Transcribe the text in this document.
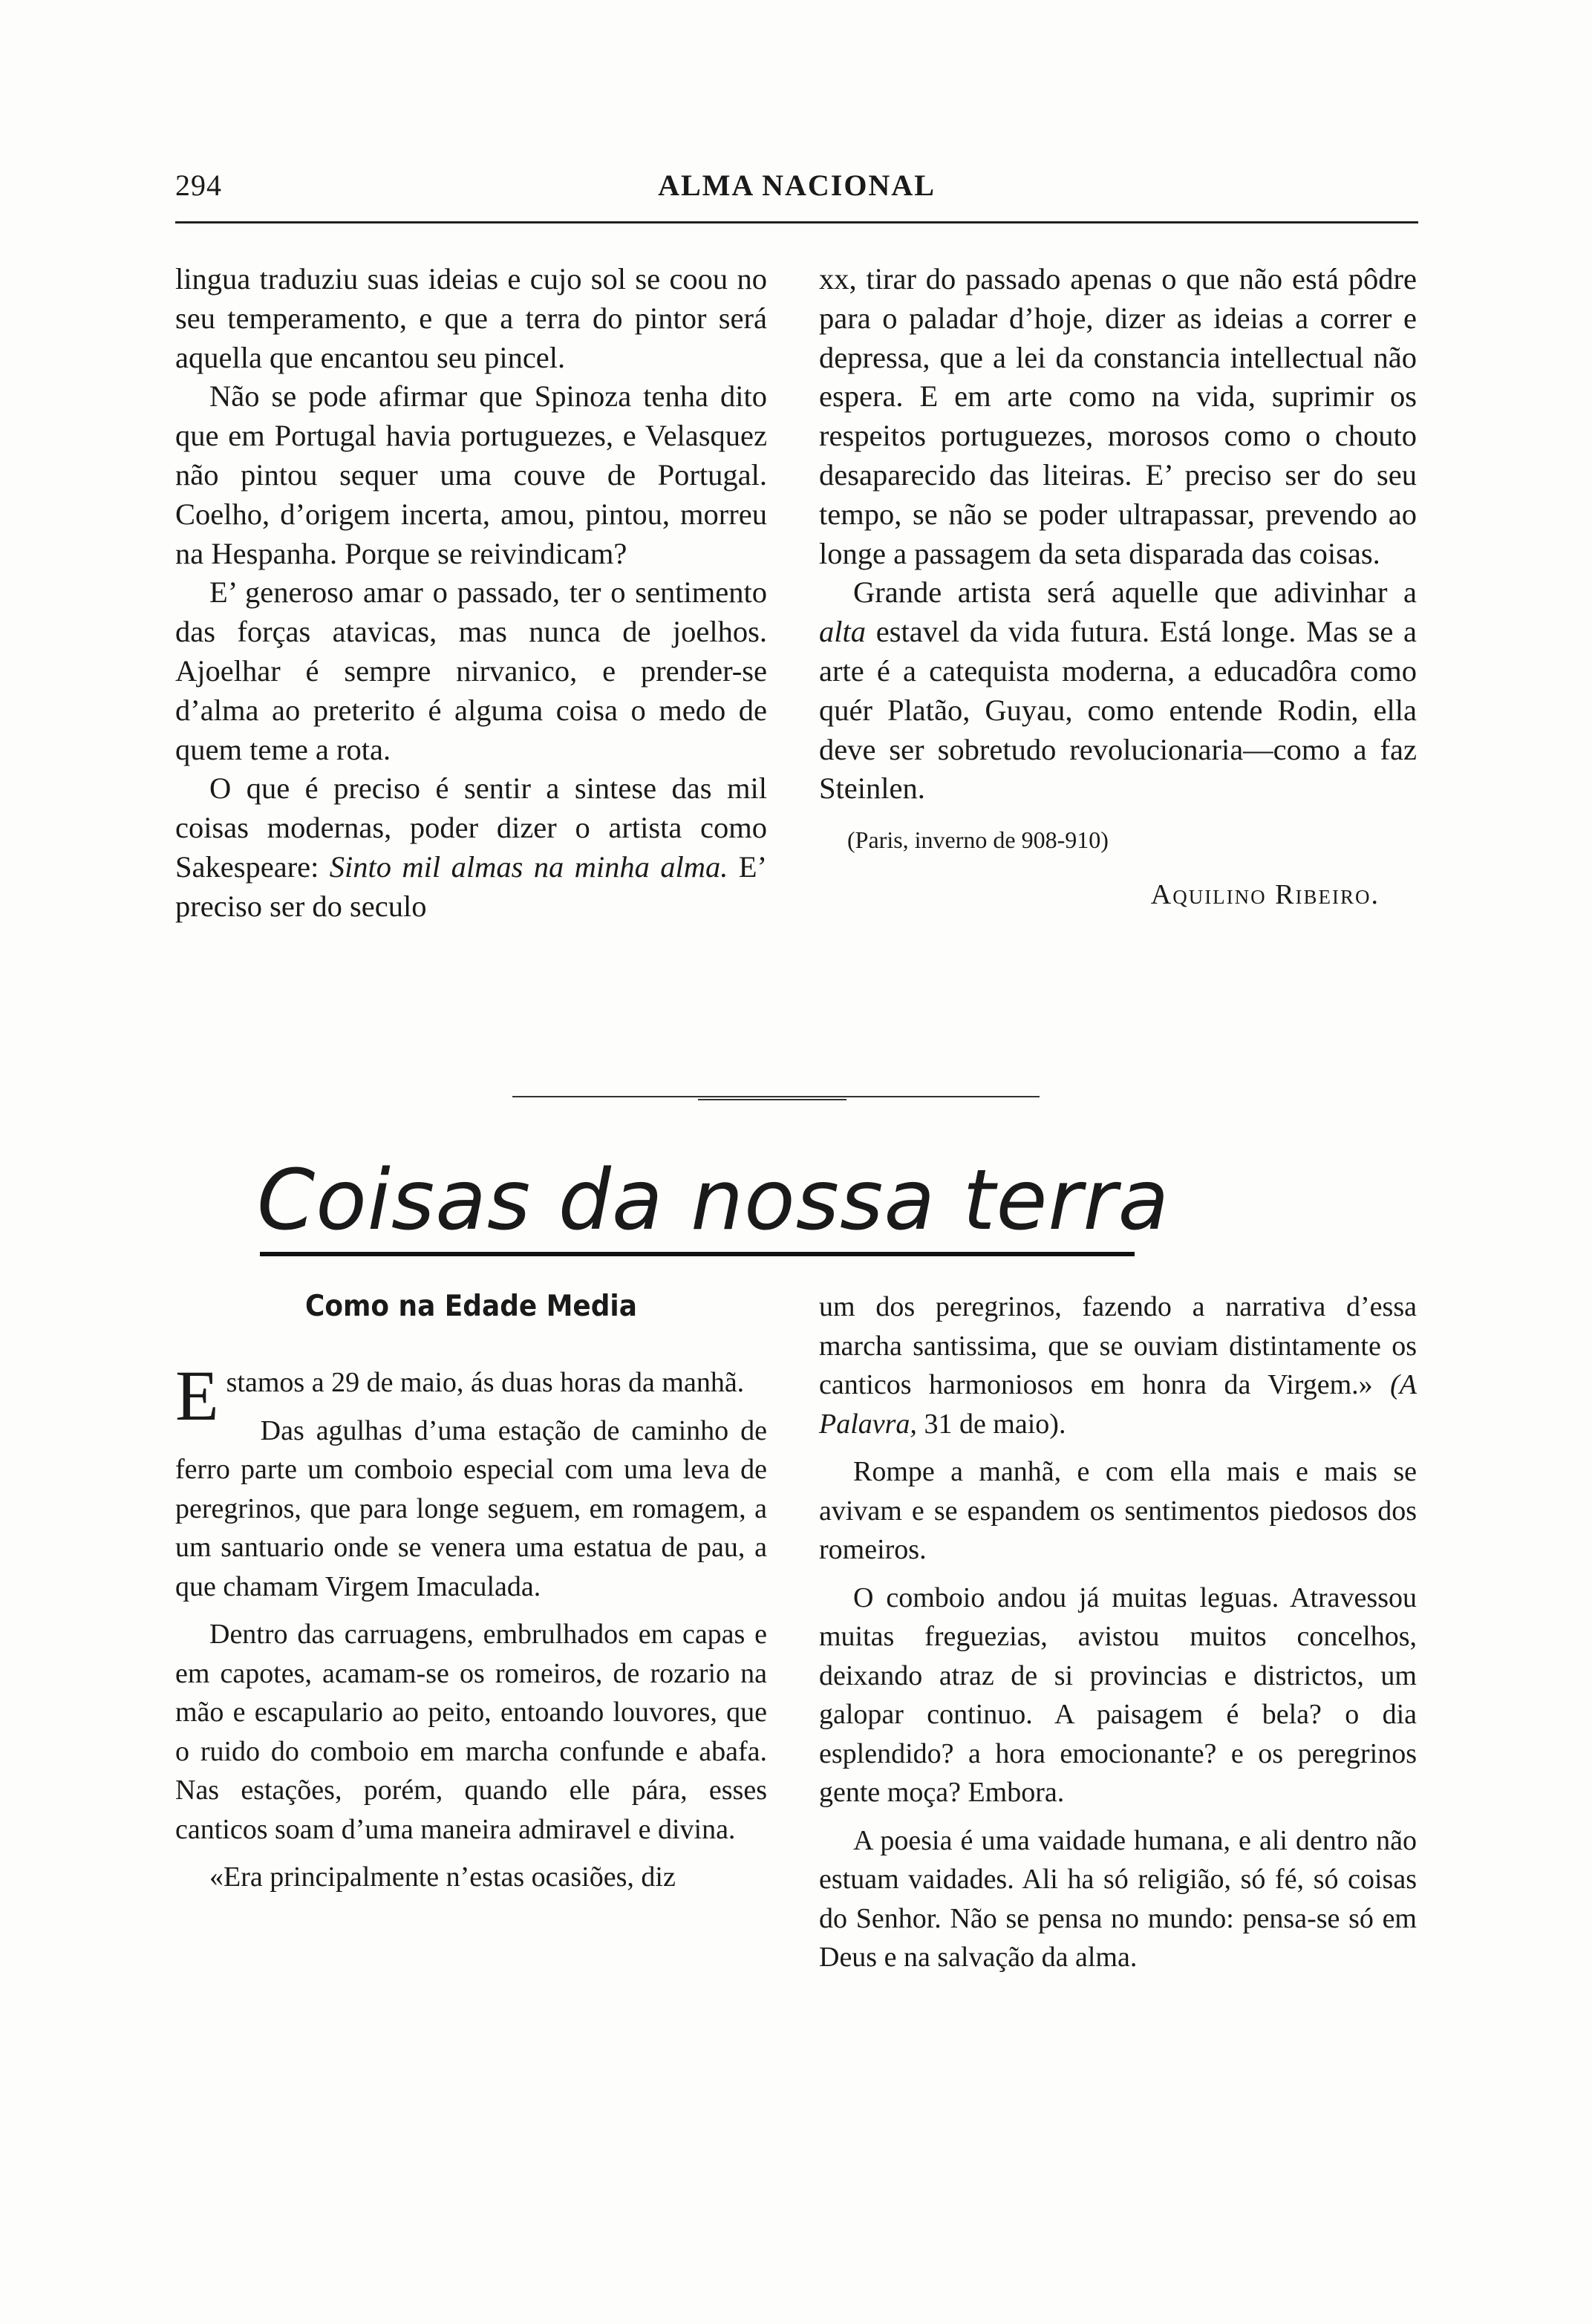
294	ALMA NACIONAL

lingua traduziu suas ideias e cujo sol se coou no seu temperamento, e que a terra do pintor será aquella que encantou seu pincel.

Não se pode afirmar que Spinoza tenha dito que em Portugal havia portuguezes, e Velasquez não pintou sequer uma couve de Portugal. Coelho, d’origem incerta, amou, pintou, morreu na Hespanha. Porque se reivindicam?

E’ generoso amar o passado, ter o sentimento das forças atavicas, mas nunca de joelhos. Ajoelhar é sempre nirvanico, e prender-se d’alma ao preterito é alguma coisa o medo de quem teme a rota.

O que é preciso é sentir a sintese das mil coisas modernas, poder dizer o artista como Sakespeare: Sinto mil almas na minha alma. E’ preciso ser do seculo

xx, tirar do passado apenas o que não está pôdre para o paladar d’hoje, dizer as ideias a correr e depressa, que a lei da constancia intellectual não espera. E em arte como na vida, suprimir os respeitos portuguezes, morosos como o chouto desaparecido das liteiras. E’ preciso ser do seu tempo, se não se poder ultrapassar, prevendo ao longe a passagem da seta disparada das coisas.

Grande artista será aquelle que adivinhar a alta estavel da vida futura. Está longe. Mas se a arte é a catequista moderna, a educadôra como quér Platão, Guyau, como entende Rodin, ella deve ser sobretudo revolucionaria—como a faz Steinlen.

(Paris, inverno de 908-910)

Aquilino Ribeiro.

Coisas da nossa terra
Como na Edade Media

Estamos a 29 de maio, ás duas horas da manhã.

Das agulhas d’uma estação de caminho de ferro parte um comboio especial com uma leva de peregrinos, que para longe seguem, em romagem, a um santuario onde se venera uma estatua de pau, a que chamam Virgem Imaculada.

Dentro das carruagens, embrulhados em capas e em capotes, acamam-se os romeiros, de rozario na mão e escapulario ao peito, entoando louvores, que o ruido do comboio em marcha confunde e abafa. Nas estações, porém, quando elle pára, esses canticos soam d’uma maneira admiravel e divina.

«Era principalmente n’estas ocasiões, diz

um dos peregrinos, fazendo a narrativa d’essa marcha santissima, que se ouviam distintamente os canticos harmoniosos em honra da Virgem.» (A Palavra, 31 de maio).

Rompe a manhã, e com ella mais e mais se avivam e se espandem os sentimentos piedosos dos romeiros.

O comboio andou já muitas leguas. Atravessou muitas freguezias, avistou muitos concelhos, deixando atraz de si provincias e districtos, um galopar continuo. A paisagem é bela? o dia esplendido? a hora emocionante? e os peregrinos gente moça? Embora.

A poesia é uma vaidade humana, e ali dentro não estuam vaidades. Ali ha só religião, só fé, só coisas do Senhor. Não se pensa no mundo: pensa-se só em Deus e na salvação da alma.
